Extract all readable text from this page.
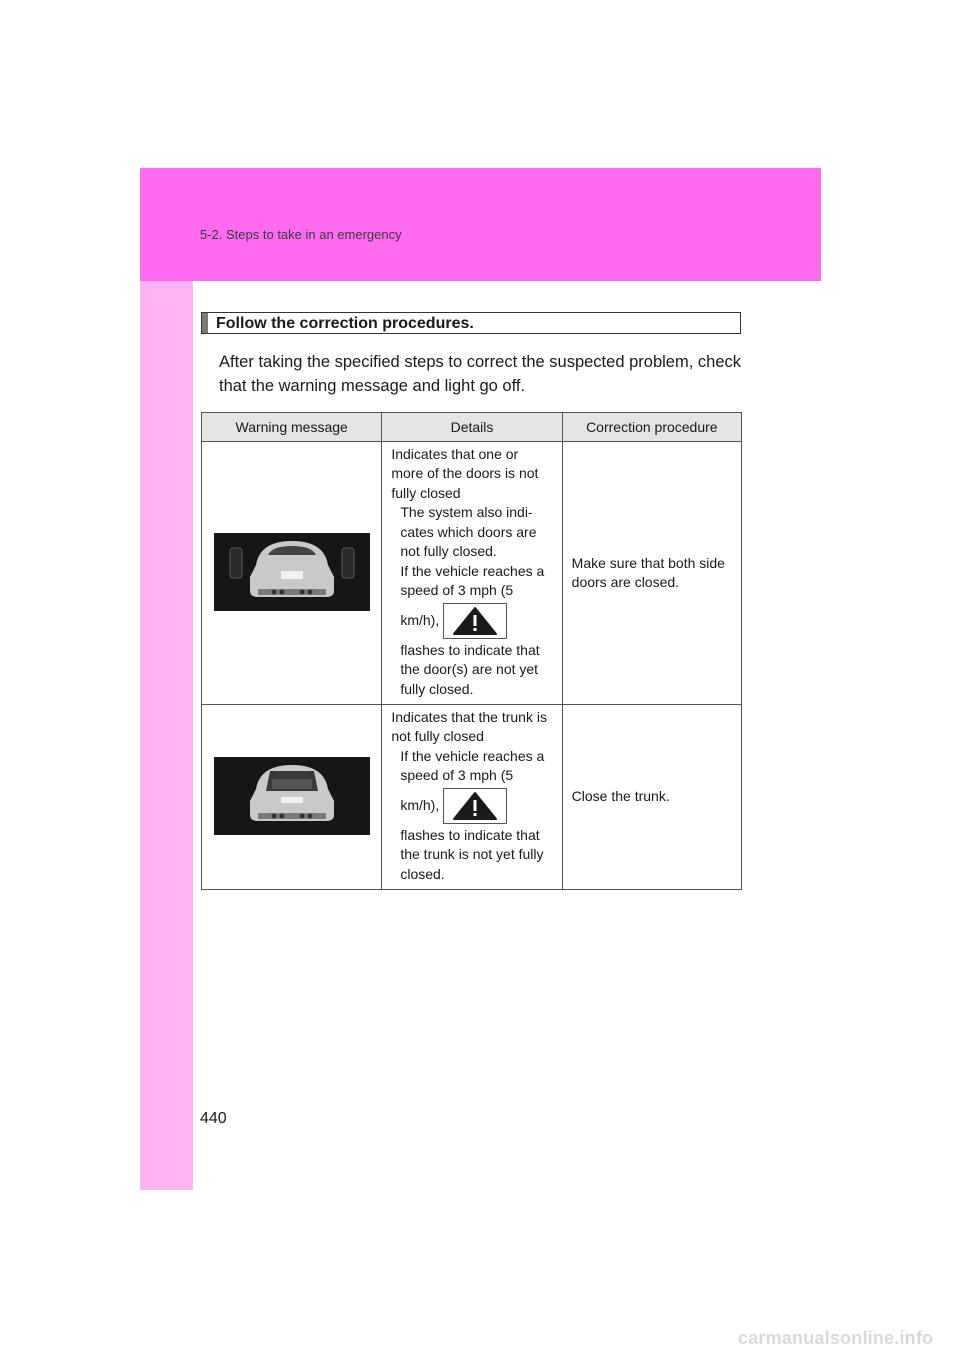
5-2. Steps to take in an emergency
Follow the correction procedures.
After taking the specified steps to correct the suspected problem, check that the warning message and light go off.
Warning message	Details	Correction procedure

Indicates that one or more of the doors is not fully closed
The system also indi-cates which doors are not fully closed.
If the vehicle reaches a speed of 3 mph (5
km/h),
flashes to indicate that the door(s) are not yet fully closed.	Make sure that both side doors are closed.

Indicates that the trunk is not fully closed
If the vehicle reaches a speed of 3 mph (5
km/h),
flashes to indicate that the trunk is not yet fully closed.	Close the trunk.
440
carmanualsonline.info
